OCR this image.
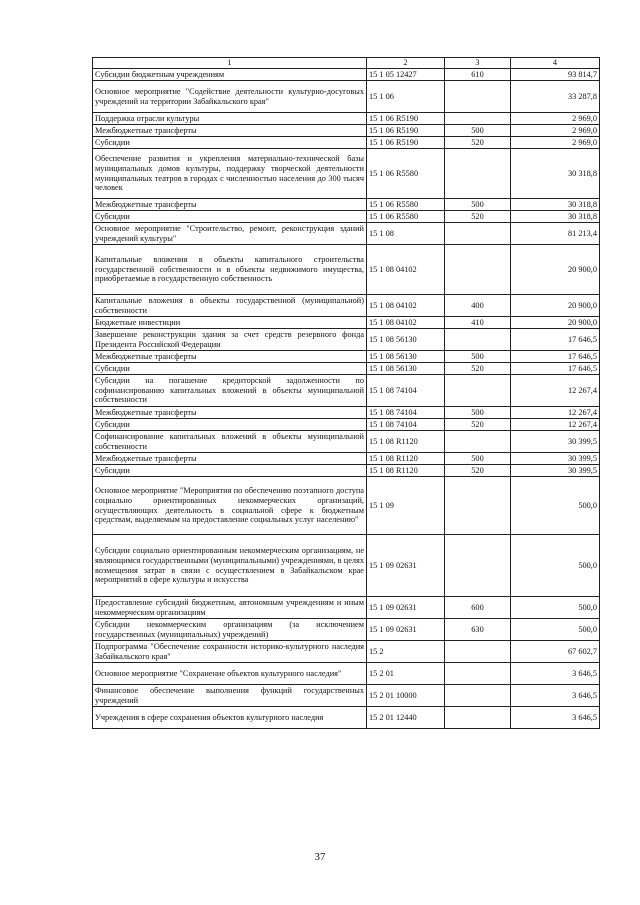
1	2	3	4
Субсидии бюджетным учреждениям	15 1 05 12427	610	93 814,7
Основное мероприятие "Содействие деятельности культурно-досуговых учреждений на территории Забайкальского края"	15 1 06		33 287,8
Поддержка отрасли культуры	15 1 06 R5190		2 969,0
Межбюджетные трансферты	15 1 06 R5190	500	2 969,0
Субсидии	15 1 06 R5190	520	2 969,0
Обеспечение развития и укрепления материально-технической базы муниципальных домов культуры, поддержку творческой деятельности муниципальных театров в городах с численностью населения до 300 тысяч человек	15 1 06 R5580		30 318,8
Межбюджетные трансферты	15 1 06 R5580	500	30 318,8
Субсидии	15 1 06 R5580	520	30 318,8
Основное мероприятие "Строительство, ремонт, реконструкция зданий учреждений культуры"	15 1 08		81 213,4
Капитальные вложения в объекты капитального строительства государственной собственности и в объекты недвижимого имущества, приобретаемые в государственную собственность	15 1 08 04102		20 900,0
Капитальные вложения в объекты государственной (муниципальной) собственности	15 1 08 04102	400	20 900,0
Бюджетные инвестиции	15 1 08 04102	410	20 900,0
Завершение реконструкции здания за счет средств резервного фонда Президента Российской Федерации	15 1 08 56130		17 646,5
Межбюджетные трансферты	15 1 08 56130	500	17 646,5
Субсидии	15 1 08 56130	520	17 646,5
Субсидии на погашение кредиторской задолженности по софинансированию капитальных вложений в объекты муниципальной собственности	15 1 08 74104		12 267,4
Межбюджетные трансферты	15 1 08 74104	500	12 267,4
Субсидии	15 1 08 74104	520	12 267,4
Софинансирование капитальных вложений в объекты муниципальной собственности	15 1 08 R1120		30 399,5
Межбюджетные трансферты	15 1 08 R1120	500	30 399,5
Субсидии	15 1 08 R1120	520	30 399,5
Основное мероприятие "Мероприятия по обеспечению поэтапного доступа социально ориентированных некоммерческих организаций, осуществляющих деятельность в социальной сфере к бюджетным средствам, выделяемым на предоставление социальных услуг населению"	15 1 09		500,0
Субсидии социально ориентированным некоммерческим организациям, не являющимся государственными (муниципальными) учреждениями, в целях возмещения затрат в связи с осуществлением в Забайкальском крае мероприятий в сфере культуры и искусства	15 1 09 02631		500,0
Предоставление субсидий бюджетным, автономным учреждениям и иным некоммерческим организациям	15 1 09 02631	600	500,0
Субсидии некоммерческим организациям (за исключением государственных (муниципальных) учреждений)	15 1 09 02631	630	500,0
Подпрограмма "Обеспечение сохранности историко-культурного наследия Забайкальского края"	15 2		67 602,7
Основное мероприятие "Сохранение объектов культурного наследия"	15 2 01		3 646,5
Финансовое обеспечение выполнения функций государственных учреждений	15 2 01 10000		3 646,5
Учреждения в сфере сохранения объектов культурного наследия	15 2 01 12440		3 646,5
37
